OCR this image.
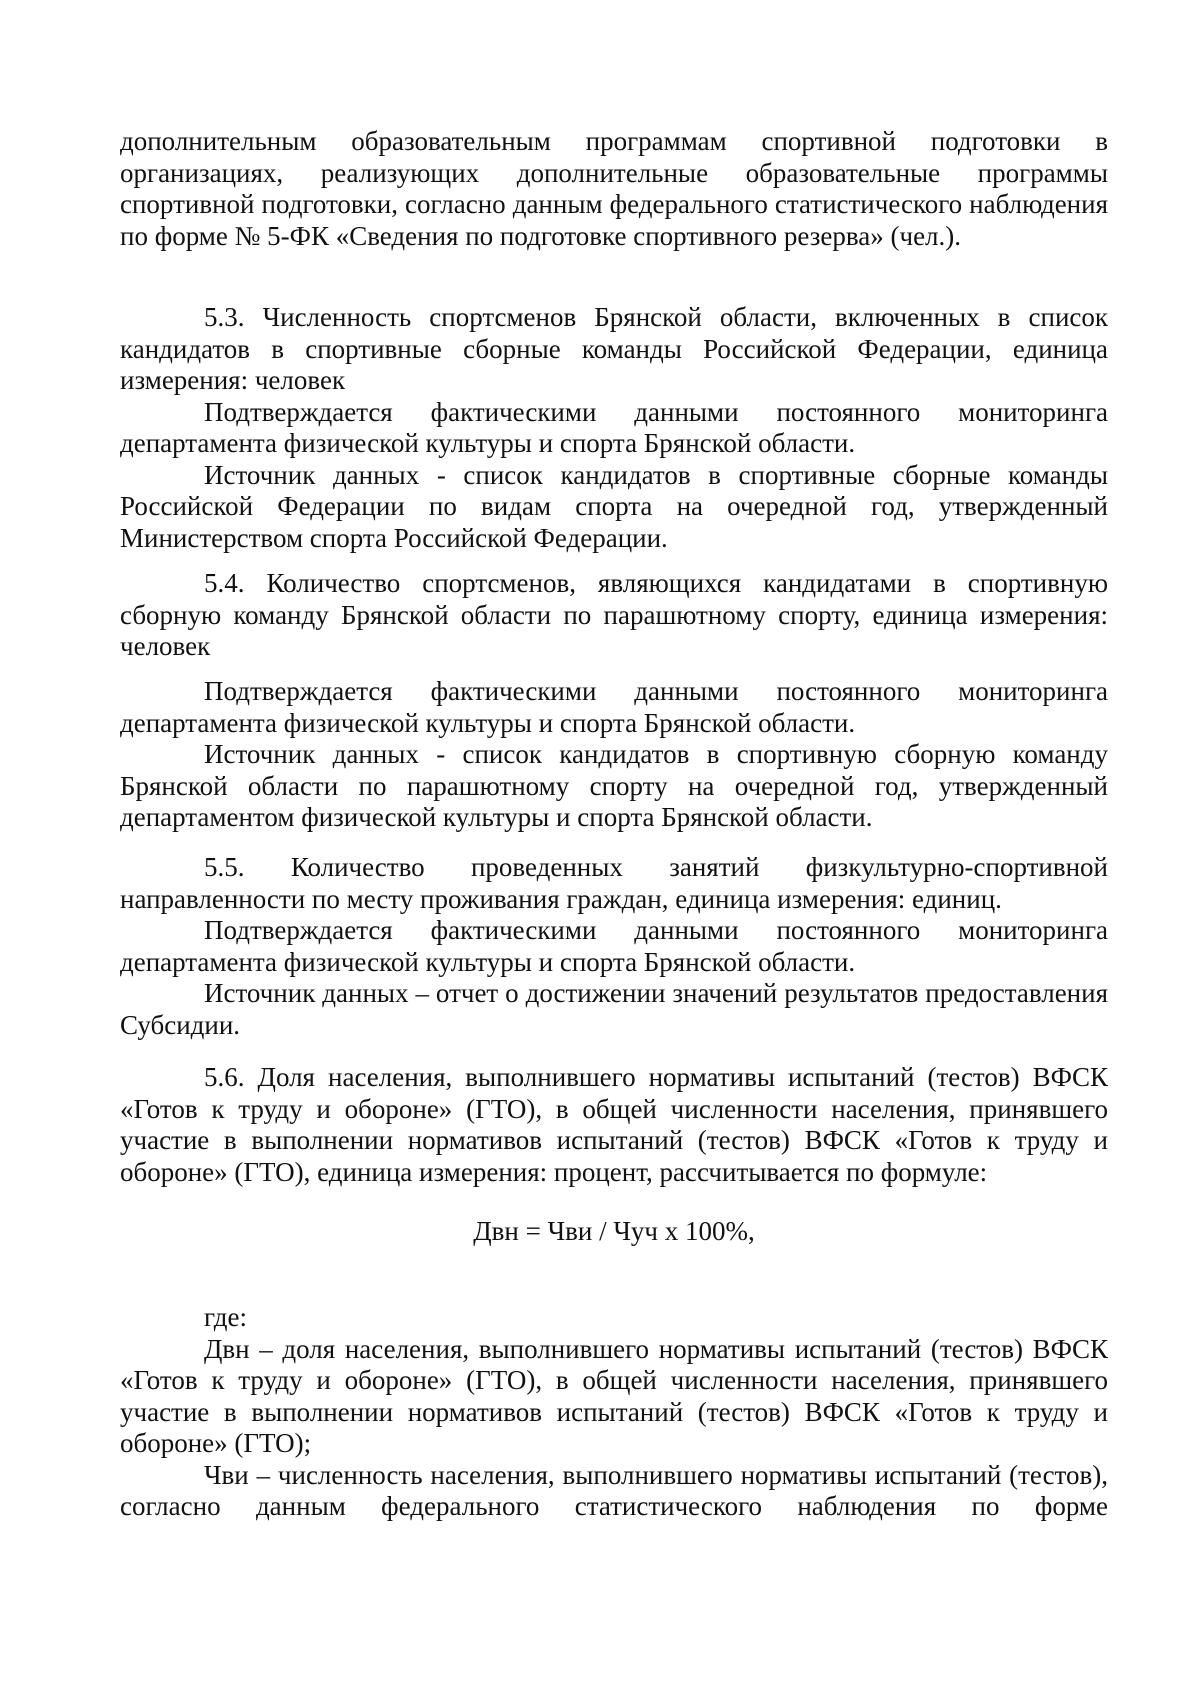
дополнительным образовательным программам спортивной подготовки в организациях, реализующих дополнительные образовательные программы спортивной подготовки, согласно данным федерального статистического наблюдения по форме № 5-ФК «Сведения по подготовке спортивного резерва» (чел.).

5.3. Численность спортсменов Брянской области, включенных в список кандидатов в спортивные сборные команды Российской Федерации, единица измерения: человек

Подтверждается фактическими данными постоянного мониторинга департамента физической культуры и спорта Брянской области.

Источник данных - список кандидатов в спортивные сборные команды Российской Федерации по видам спорта на очередной год, утвержденный Министерством спорта Российской Федерации.

5.4. Количество спортсменов, являющихся кандидатами в спортивную сборную команду Брянской области по парашютному спорту, единица измерения: человек

Подтверждается фактическими данными постоянного мониторинга департамента физической культуры и спорта Брянской области.

Источник данных - список кандидатов в спортивную сборную команду Брянской области по парашютному спорту на очередной год, утвержденный департаментом физической культуры и спорта Брянской области.

5.5. Количество проведенных занятий физкультурно-спортивной направленности по месту проживания граждан, единица измерения: единиц.

Подтверждается фактическими данными постоянного мониторинга департамента физической культуры и спорта Брянской области.

Источник данных – отчет о достижении значений результатов предоставления Субсидии.

5.6. Доля населения, выполнившего нормативы испытаний (тестов) ВФСК «Готов к труду и обороне» (ГТО), в общей численности населения, принявшего участие в выполнении нормативов испытаний (тестов) ВФСК «Готов к труду и обороне» (ГТО), единица измерения: процент, рассчитывается по формуле:

Двн = Чви / Чуч х 100%,

где:

Двн – доля населения, выполнившего нормативы испытаний (тестов) ВФСК «Готов к труду и обороне» (ГТО), в общей численности населения, принявшего участие в выполнении нормативов испытаний (тестов) ВФСК «Готов к труду и обороне» (ГТО);

Чви – численность населения, выполнившего нормативы испытаний (тестов), согласно данным федерального статистического наблюдения по форме
